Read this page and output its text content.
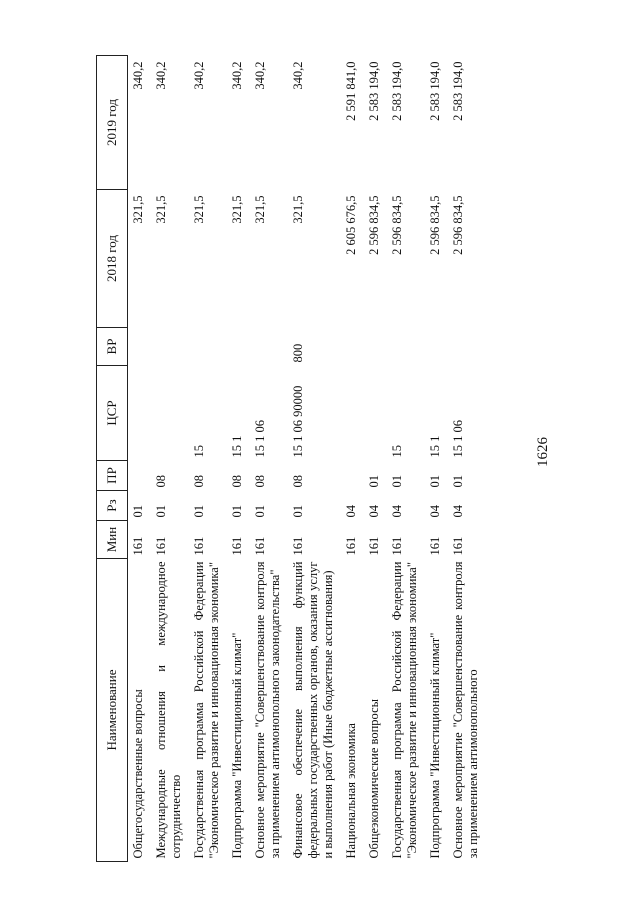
1626
Наименование	Мин	Рз	ПР	ЦСР	ВР	2018 год	2019 год
Общегосударственные вопросы	161	01				321,5	340,2
Международные отношения и международное сотрудничество	161	01	08			321,5	340,2
Государственная программа Российской Федерации "Экономическое развитие и инновационная экономика"	161	01	08	15		321,5	340,2
Подпрограмма "Инвестиционный климат"	161	01	08	15 1		321,5	340,2
Основное мероприятие "Совершенствование контроля за применением антимонопольного законодательства"	161	01	08	15 1 06		321,5	340,2
Финансовое обеспечение выполнения функций федеральных государственных органов, оказания услуг и выполнения работ (Иные бюджетные ассигнования)	161	01	08	15 1 06 90000	800	321,5	340,2
Национальная экономика	161	04				2 605 676,5	2 591 841,0
Общеэкономические вопросы	161	04	01			2 596 834,5	2 583 194,0
Государственная программа Российской Федерации "Экономическое развитие и инновационная экономика"	161	04	01	15		2 596 834,5	2 583 194,0
Подпрограмма "Инвестиционный климат"	161	04	01	15 1		2 596 834,5	2 583 194,0
Основное мероприятие "Совершенствование контроля за применением антимонопольного	161	04	01	15 1 06		2 596 834,5	2 583 194,0
